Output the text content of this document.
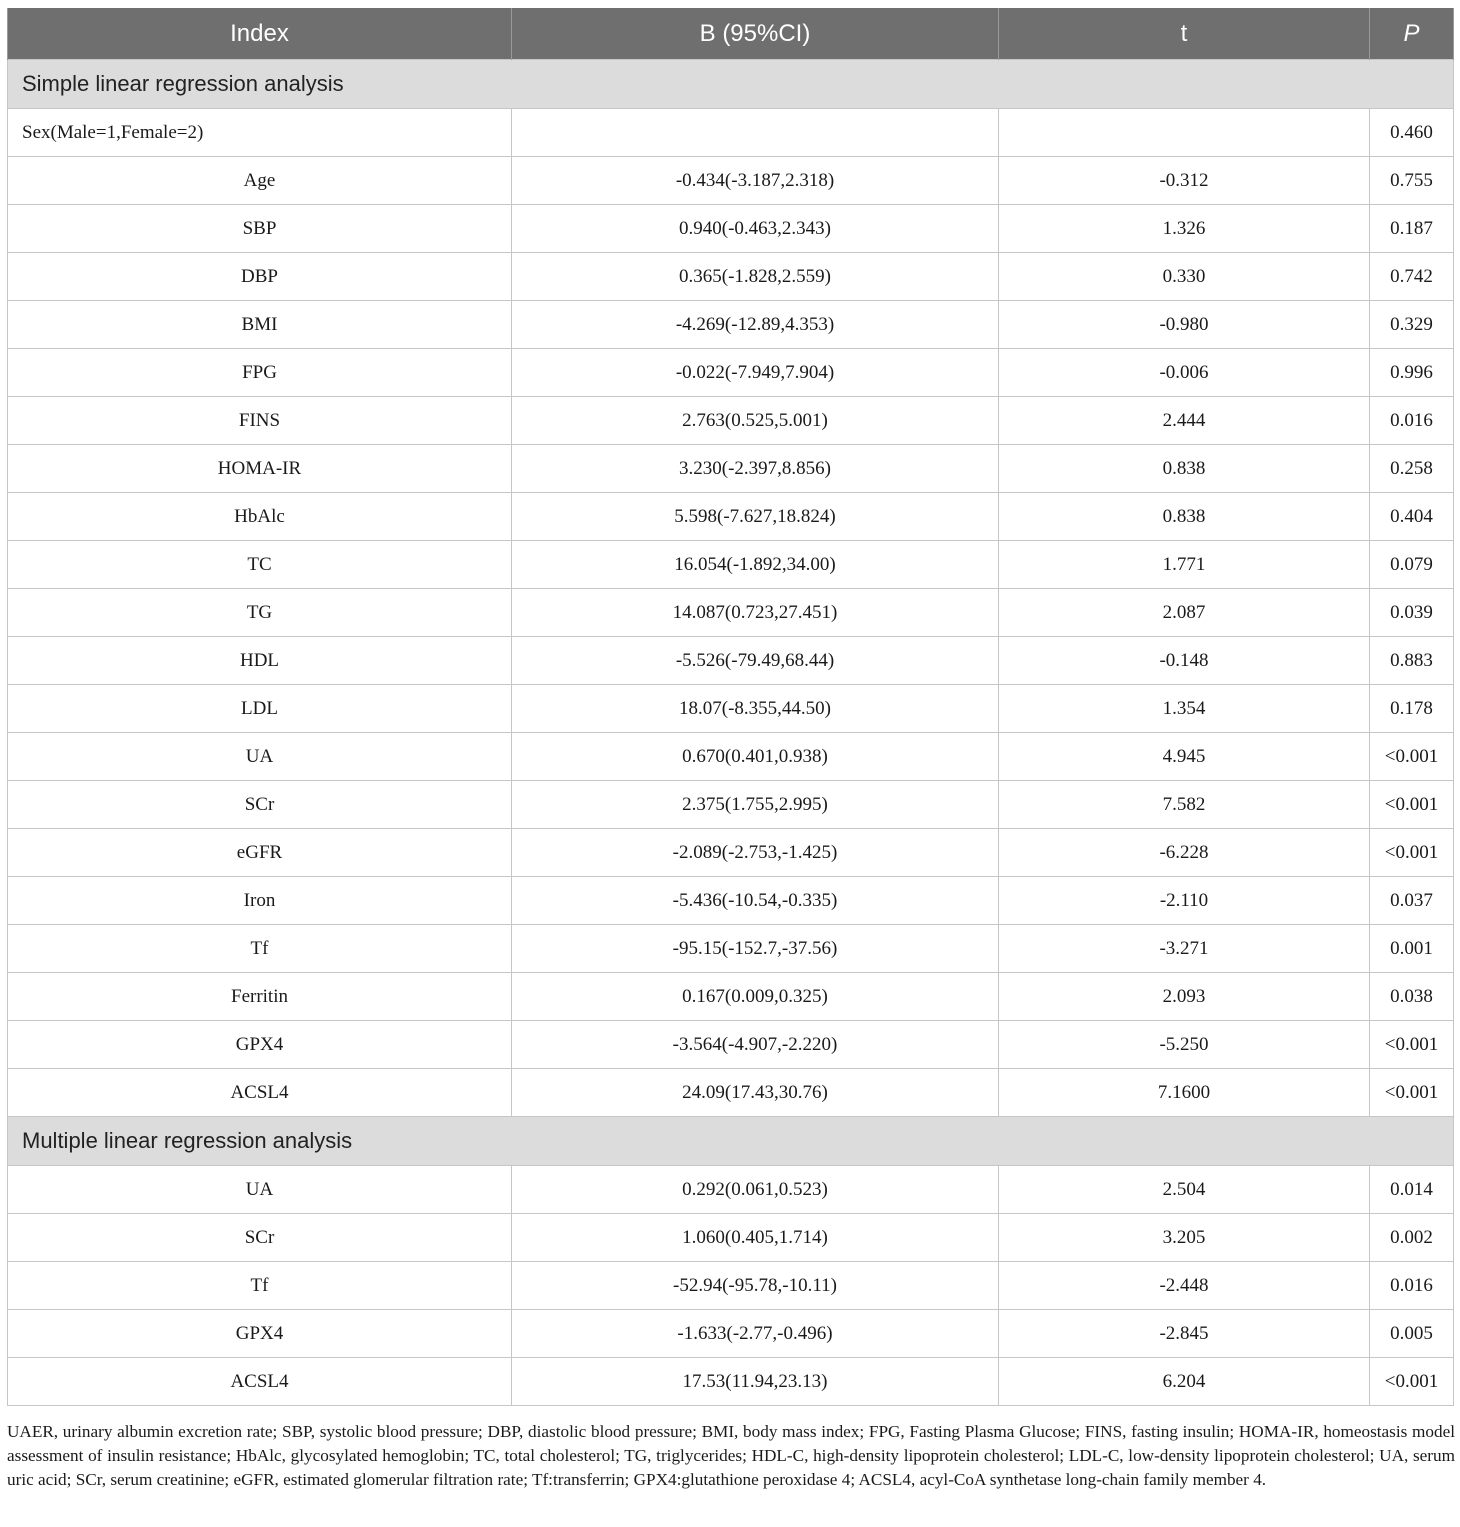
Index	B (95%CI)	t	P
Simple linear regression analysis			
Sex(Male=1,Female=2)			0.460
Age	-0.434(-3.187,2.318)	-0.312	0.755
SBP	0.940(-0.463,2.343)	1.326	0.187
DBP	0.365(-1.828,2.559)	0.330	0.742
BMI	-4.269(-12.89,4.353)	-0.980	0.329
FPG	-0.022(-7.949,7.904)	-0.006	0.996
FINS	2.763(0.525,5.001)	2.444	0.016
HOMA-IR	3.230(-2.397,8.856)	0.838	0.258
HbAlc	5.598(-7.627,18.824)	0.838	0.404
TC	16.054(-1.892,34.00)	1.771	0.079
TG	14.087(0.723,27.451)	2.087	0.039
HDL	-5.526(-79.49,68.44)	-0.148	0.883
LDL	18.07(-8.355,44.50)	1.354	0.178
UA	0.670(0.401,0.938)	4.945	<0.001
SCr	2.375(1.755,2.995)	7.582	<0.001
eGFR	-2.089(-2.753,-1.425)	-6.228	<0.001
Iron	-5.436(-10.54,-0.335)	-2.110	0.037
Tf	-95.15(-152.7,-37.56)	-3.271	0.001
Ferritin	0.167(0.009,0.325)	2.093	0.038
GPX4	-3.564(-4.907,-2.220)	-5.250	<0.001
ACSL4	24.09(17.43,30.76)	7.1600	<0.001
Multiple linear regression analysis			
UA	0.292(0.061,0.523)	2.504	0.014
SCr	1.060(0.405,1.714)	3.205	0.002
Tf	-52.94(-95.78,-10.11)	-2.448	0.016
GPX4	-1.633(-2.77,-0.496)	-2.845	0.005
ACSL4	17.53(11.94,23.13)	6.204	<0.001
UAER, urinary albumin excretion rate; SBP, systolic blood pressure; DBP, diastolic blood pressure; BMI, body mass index; FPG, Fasting Plasma Glucose; FINS, fasting insulin; HOMA-IR, homeostasis model assessment of insulin resistance; HbAlc, glycosylated hemoglobin; TC, total cholesterol; TG, triglycerides; HDL-C, high-density lipoprotein cholesterol; LDL-C, low-density lipoprotein cholesterol; UA, serum uric acid; SCr, serum creatinine; eGFR, estimated glomerular filtration rate; Tf:transferrin; GPX4:glutathione peroxidase 4; ACSL4, acyl-CoA synthetase long-chain family member 4.
